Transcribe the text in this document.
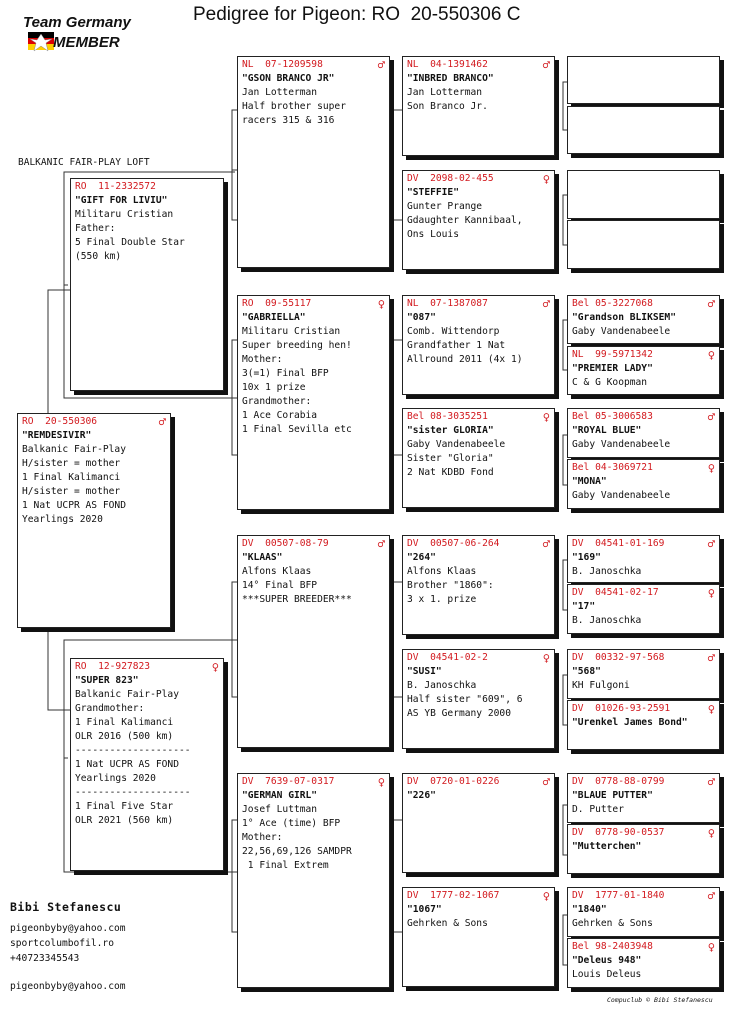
Team Germany
MEMBER
Pedigree for Pigeon: RO  20-550306 C
BALKANIC FAIR-PLAY LOFT
RO  20-550306	♂
"REMDESIVIR"
Balkanic Fair-Play
H/sister = mother
1 Final Kalimanci
H/sister = mother
1 Nat UCPR AS FOND
Yearlings 2020
RO  11-2332572
"GIFT FOR LIVIU"
Militaru Cristian
Father:
5 Final Double Star
(550 km)
RO  12-927823	♀
"SUPER 823"
Balkanic Fair-Play
Grandmother:
1 Final Kalimanci
OLR 2016 (500 km)
--------------------
1 Nat UCPR AS FOND
Yearlings 2020
--------------------
1 Final Five Star
OLR 2021 (560 km)
NL  07-1209598	♂
"GSON BRANCO JR"
Jan Lotterman
Half brother super
racers 315 & 316
RO  09-55117	♀
"GABRIELLA"
Militaru Cristian
Super breeding hen!
Mother:
3(=1) Final BFP
10x 1 prize
Grandmother:
1 Ace Corabia
1 Final Sevilla etc
DV  00507-08-79	♂
"KLAAS"
Alfons Klaas
14° Final BFP
***SUPER BREEDER***
DV  7639-07-0317	♀
"GERMAN GIRL"
Josef Luttman
1° Ace (time) BFP
Mother:
22,56,69,126 SAMDPR
1 Final Extrem
NL  04-1391462	♂
"INBRED BRANCO"
Jan Lotterman
Son Branco Jr.
DV  2098-02-455	♀
"STEFFIE"
Gunter Prange
Gdaughter Kannibaal,
Ons Louis
NL  07-1387087	♂
"087"
Comb. Wittendorp
Grandfather 1 Nat
Allround 2011 (4x 1)
Bel 08-3035251	♀
"sister GLORIA"
Gaby Vandenabeele
Sister "Gloria"
2 Nat KDBD Fond
DV  00507-06-264	♂
"264"
Alfons Klaas
Brother "1860":
3 x 1. prize
DV  04541-02-2	♀
"SUSI"
B. Janoschka
Half sister "609", 6
AS YB Germany 2000
DV  0720-01-0226	♂
"226"
DV  1777-02-1067	♀
"1067"
Gehrken & Sons
Bel 05-3227068	♂
"Grandson BLIKSEM"
Gaby Vandenabeele
NL  99-5971342	♀
"PREMIER LADY"
C & G Koopman
Bel 05-3006583	♂
"ROYAL BLUE"
Gaby Vandenabeele
Bel 04-3069721	♀
"MONA"
Gaby Vandenabeele
DV  04541-01-169	♂
"169"
B. Janoschka
DV  04541-02-17	♀
"17"
B. Janoschka
DV  00332-97-568	♂
"568"
KH Fulgoni
DV  01026-93-2591	♀
"Urenkel James Bond"
DV  0778-88-0799	♂
"BLAUE PUTTER"
D. Putter
DV  0778-90-0537	♀
"Mutterchen"
DV  1777-01-1840	♂
"1840"
Gehrken & Sons
Bel 98-2403948	♀
"Deleus 948"
Louis Deleus
Bibi Stefanescu
pigeonbyby@yahoo.com
sportcolumbofil.ro
+40723345543
pigeonbyby@yahoo.com
Compuclub © Bibi Stefanescu
